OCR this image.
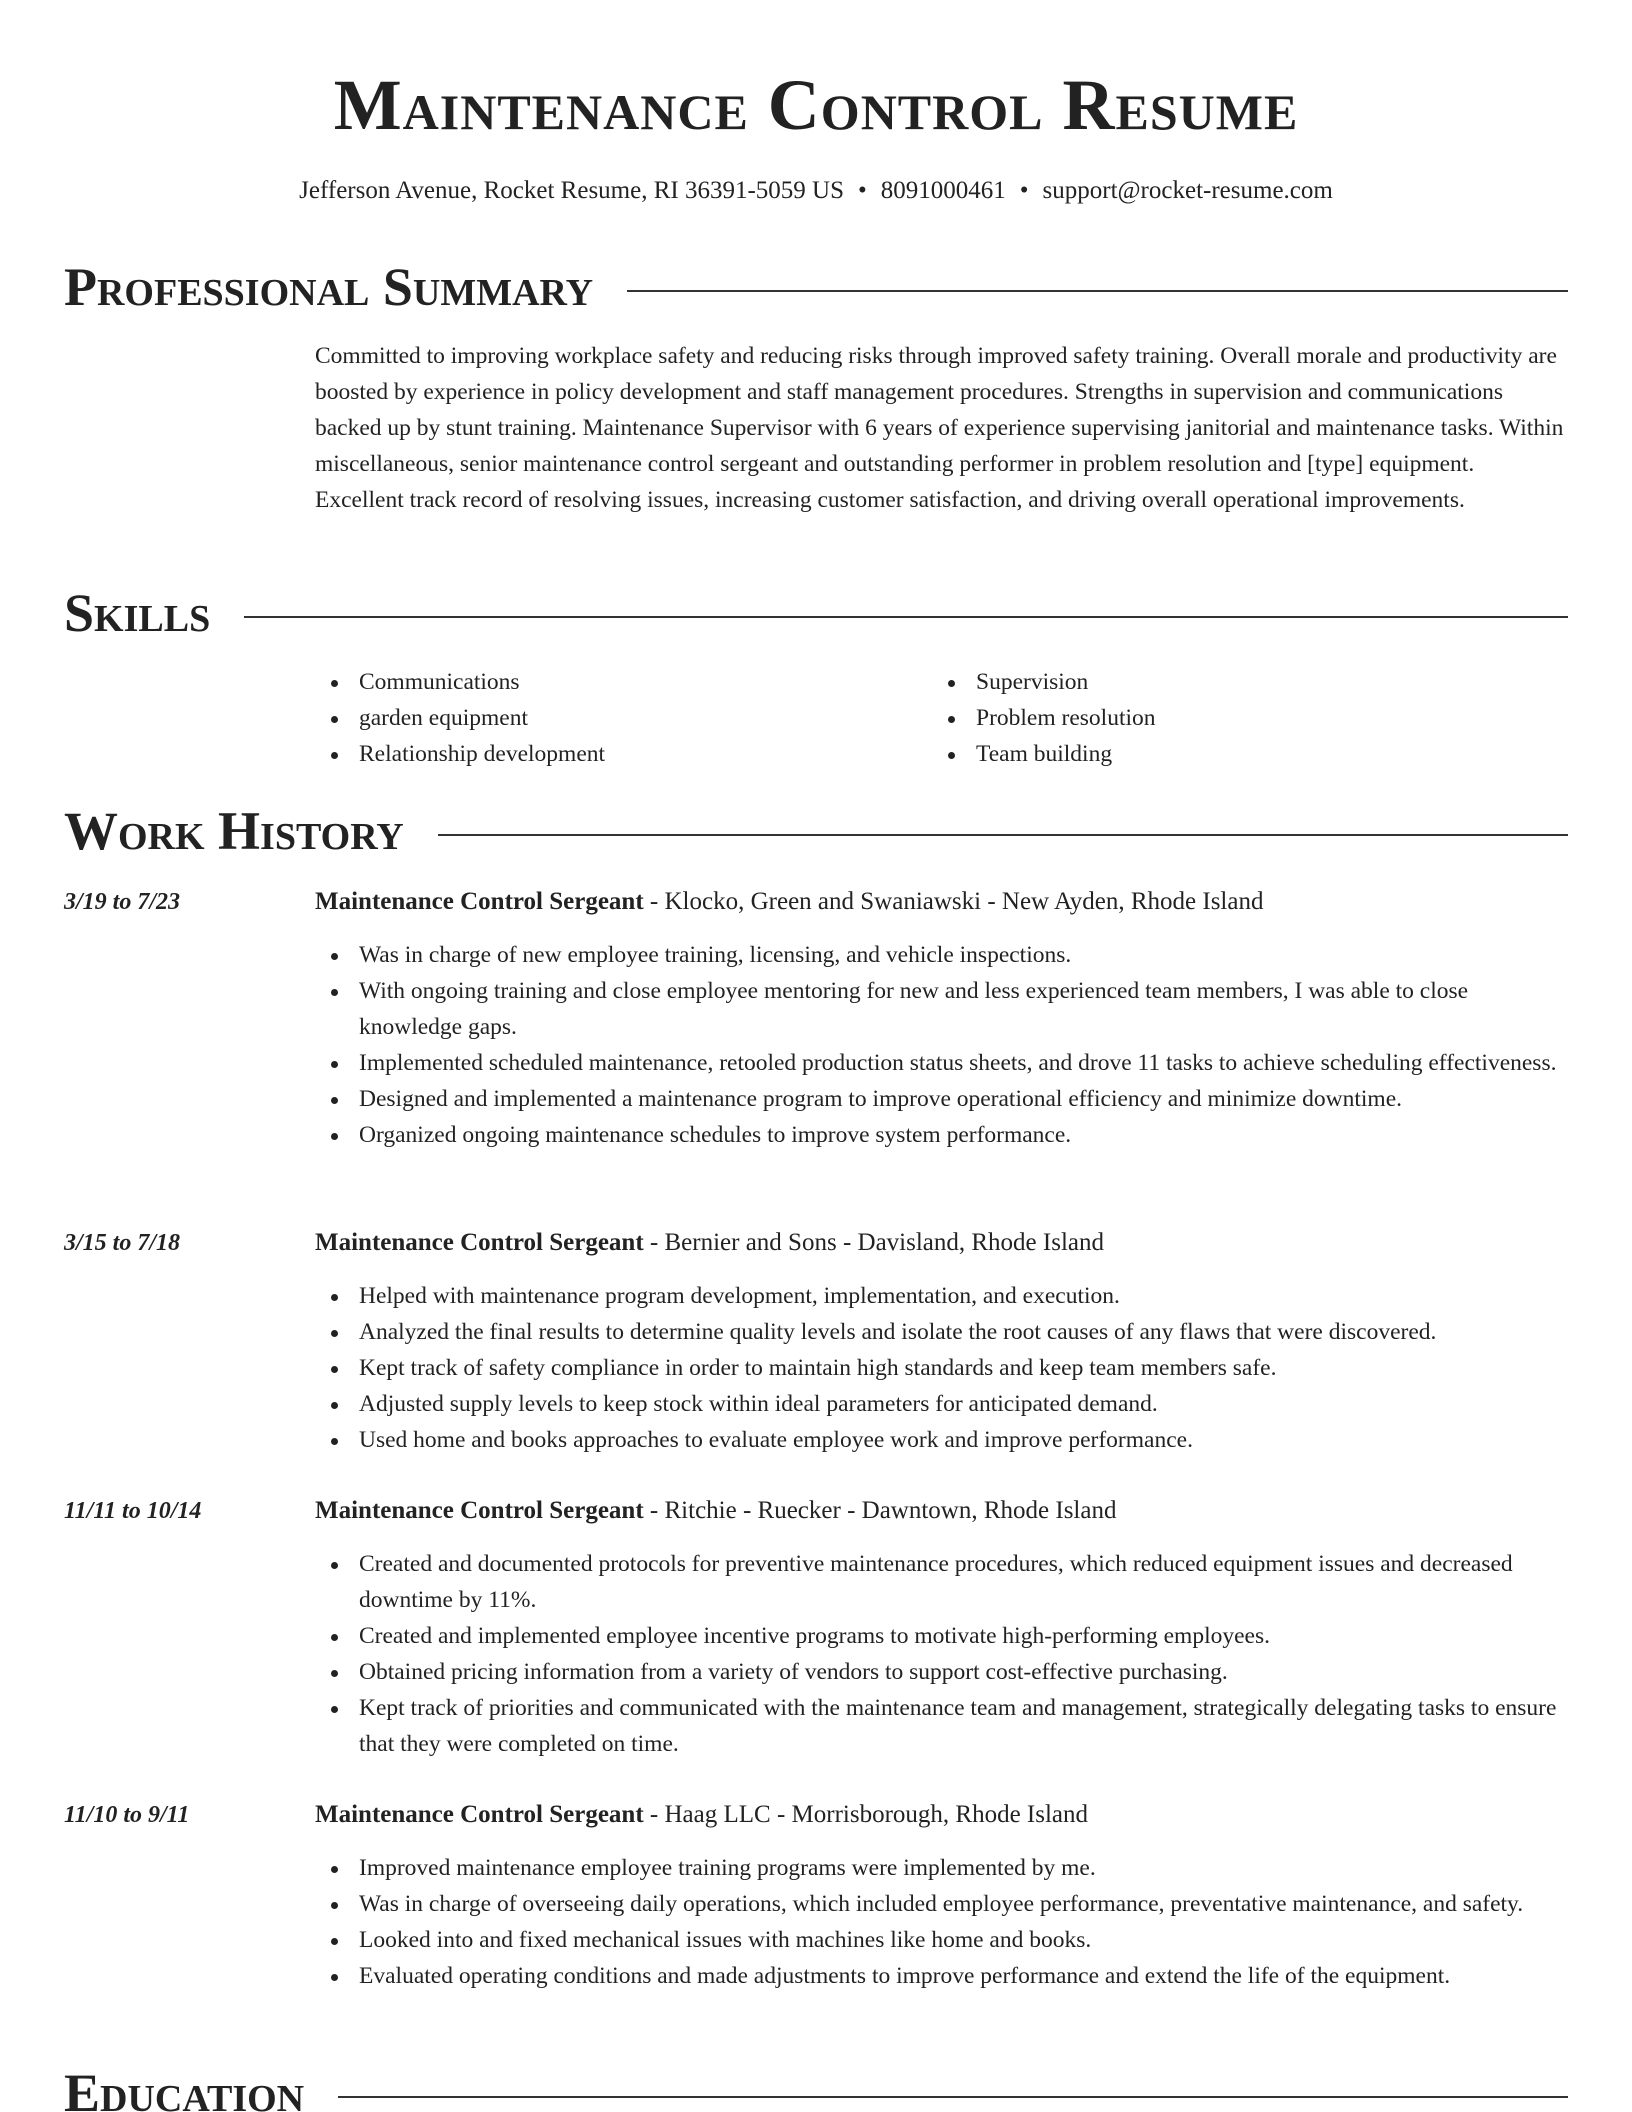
Maintenance Control Resume
Jefferson Avenue, Rocket Resume, RI 36391-5059 US • 8091000461 • support@rocket-resume.com
Professional Summary

Committed to improving workplace safety and reducing risks through improved safety training. Overall morale and productivity are boosted by experience in policy development and staff management procedures. Strengths in supervision and communications backed up by stunt training. Maintenance Supervisor with 6 years of experience supervising janitorial and maintenance tasks. Within miscellaneous, senior maintenance control sergeant and outstanding performer in problem resolution and [type] equipment. Excellent track record of resolving issues, increasing customer satisfaction, and driving overall operational improvements.

Skills
Communications
garden equipment
Relationship development
Supervision
Problem resolution
Team building
Work History
3/19 to 7/23	Maintenance Control Sergeant - Klocko, Green and Swaniawski - New Ayden, Rhode Island
Was in charge of new employee training, licensing, and vehicle inspections.
With ongoing training and close employee mentoring for new and less experienced team members, I was able to close knowledge gaps.
Implemented scheduled maintenance, retooled production status sheets, and drove 11 tasks to achieve scheduling effectiveness.
Designed and implemented a maintenance program to improve operational efficiency and minimize downtime.
Organized ongoing maintenance schedules to improve system performance.
3/15 to 7/18	Maintenance Control Sergeant - Bernier and Sons - Davisland, Rhode Island
Helped with maintenance program development, implementation, and execution.
Analyzed the final results to determine quality levels and isolate the root causes of any flaws that were discovered.
Kept track of safety compliance in order to maintain high standards and keep team members safe.
Adjusted supply levels to keep stock within ideal parameters for anticipated demand.
Used home and books approaches to evaluate employee work and improve performance.
11/11 to 10/14	Maintenance Control Sergeant - Ritchie - Ruecker - Dawntown, Rhode Island
Created and documented protocols for preventive maintenance procedures, which reduced equipment issues and decreased downtime by 11%.
Created and implemented employee incentive programs to motivate high-performing employees.
Obtained pricing information from a variety of vendors to support cost-effective purchasing.
Kept track of priorities and communicated with the maintenance team and management, strategically delegating tasks to ensure that they were completed on time.
11/10 to 9/11	Maintenance Control Sergeant - Haag LLC - Morrisborough, Rhode Island
Improved maintenance employee training programs were implemented by me.
Was in charge of overseeing daily operations, which included employee performance, preventative maintenance, and safety.
Looked into and fixed mechanical issues with machines like home and books.
Evaluated operating conditions and made adjustments to improve performance and extend the life of the equipment.
Education
